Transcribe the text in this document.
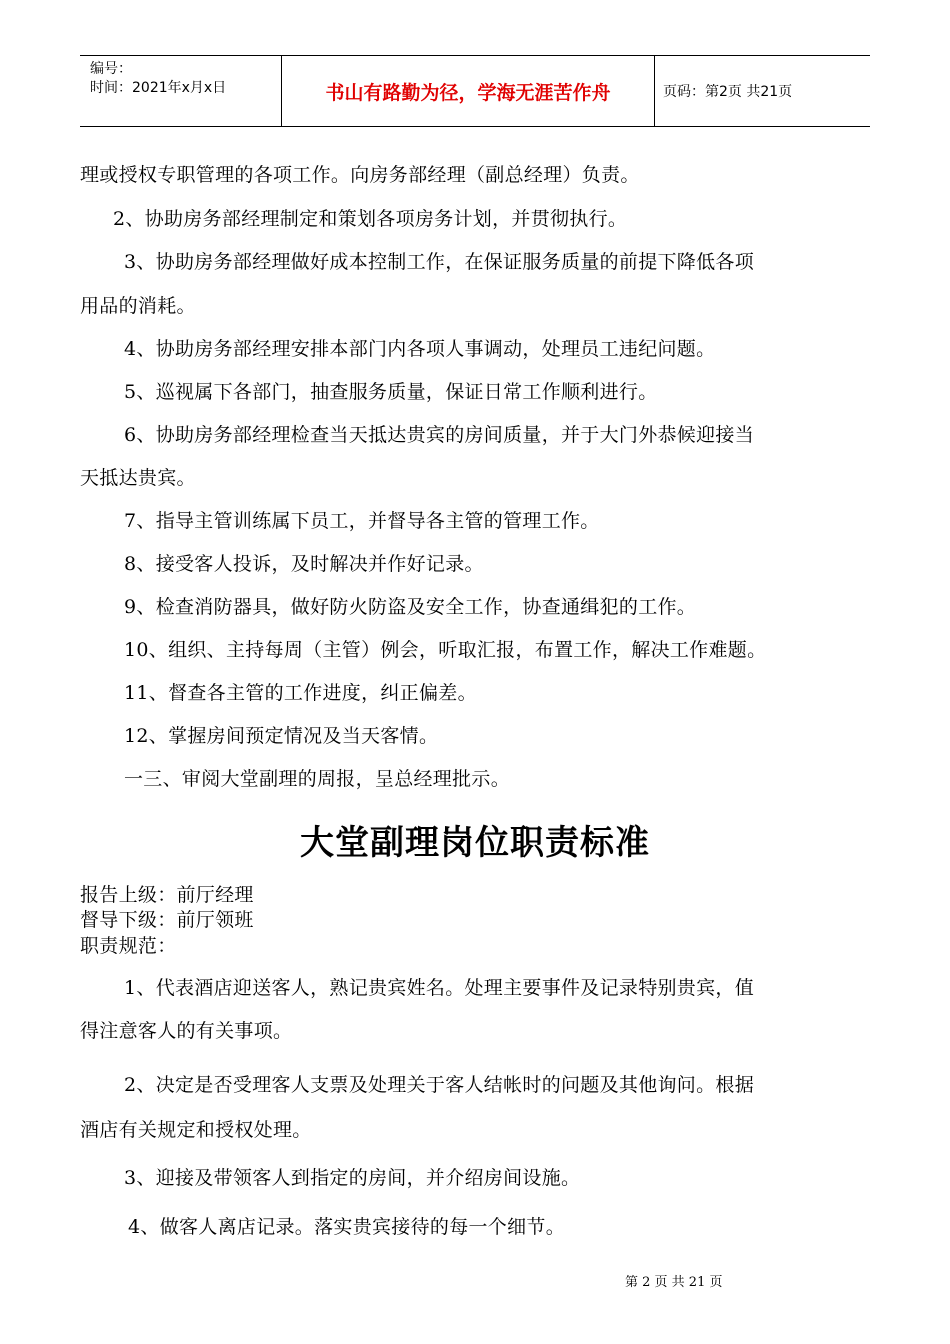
编号：
时间：2021年x月x日	书山有路勤为径，学海无涯苦作舟	页码：第2页 共21页
理或授权专职管理的各项工作。向房务部经理（副总经理）负责。
2、协助房务部经理制定和策划各项房务计划，并贯彻执行。
3、协助房务部经理做好成本控制工作，在保证服务质量的前提下降低各项
用品的消耗。
4、协助房务部经理安排本部门内各项人事调动，处理员工违纪问题。
5、巡视属下各部门，抽查服务质量，保证日常工作顺利进行。
6、协助房务部经理检查当天抵达贵宾的房间质量，并于大门外恭候迎接当
天抵达贵宾。
7、指导主管训练属下员工，并督导各主管的管理工作。
8、接受客人投诉，及时解决并作好记录。
9、检查消防器具，做好防火防盗及安全工作，协查通缉犯的工作。
10、组织、主持每周（主管）例会，听取汇报，布置工作，解决工作难题。
11、督查各主管的工作进度，纠正偏差。
12、掌握房间预定情况及当天客情。
一三、审阅大堂副理的周报，呈总经理批示。
大堂副理岗位职责标准
报告上级：前厅经理
督导下级：前厅领班
职责规范：
1、代表酒店迎送客人，熟记贵宾姓名。处理主要事件及记录特别贵宾，值
得注意客人的有关事项。
2、决定是否受理客人支票及处理关于客人结帐时的问题及其他询问。根据
酒店有关规定和授权处理。
3、迎接及带领客人到指定的房间，并介绍房间设施。
4、做客人离店记录。落实贵宾接待的每一个细节。
第 2 页 共 21 页
